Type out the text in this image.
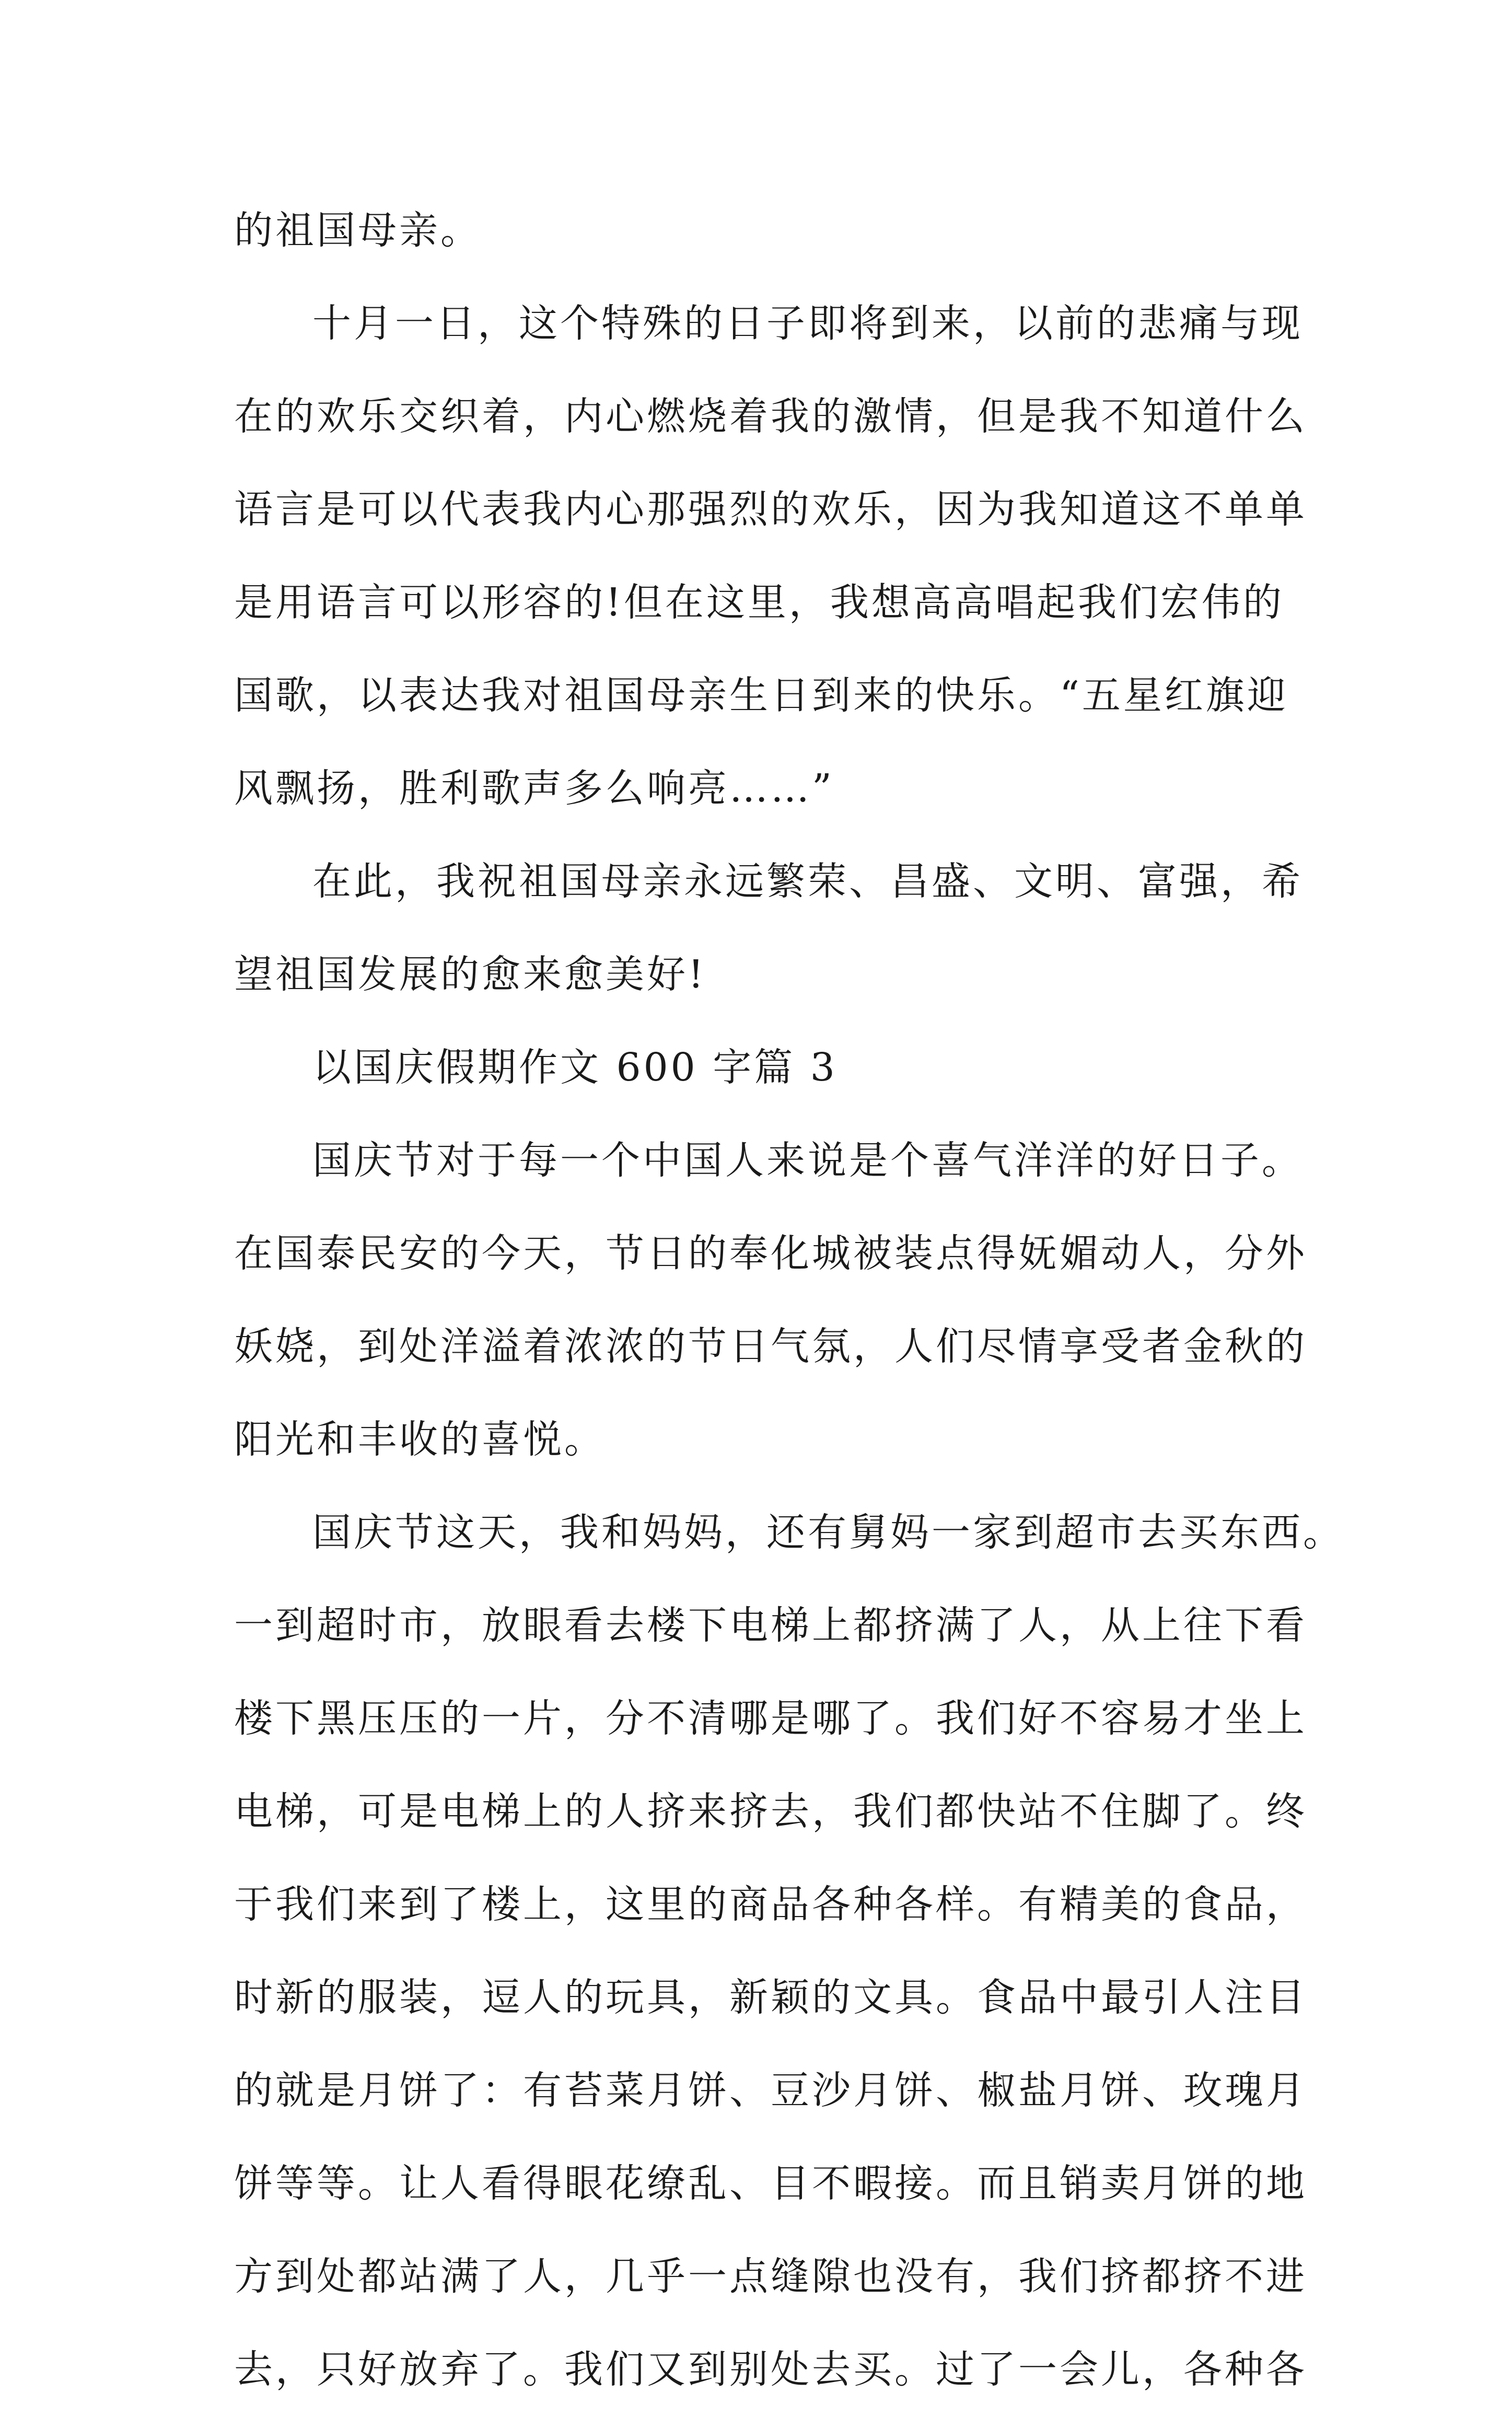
的祖国母亲。

十月一日，这个特殊的日子即将到来，以前的悲痛与现
在的欢乐交织着，内心燃烧着我的激情，但是我不知道什么
语言是可以代表我内心那强烈的欢乐，因为我知道这不单单
是用语言可以形容的!但在这里，我想高高唱起我们宏伟的
国歌，以表达我对祖国母亲生日到来的快乐。“五星红旗迎
风飘扬，胜利歌声多么响亮……”

在此，我祝祖国母亲永远繁荣、昌盛、文明、富强，希
望祖国发展的愈来愈美好!

以国庆假期作文 600 字篇 3

国庆节对于每一个中国人来说是个喜气洋洋的好日子。
在国泰民安的今天，节日的奉化城被装点得妩媚动人，分外
妖娆，到处洋溢着浓浓的节日气氛，人们尽情享受者金秋的
阳光和丰收的喜悦。

国庆节这天，我和妈妈，还有舅妈一家到超市去买东西。
一到超时市，放眼看去楼下电梯上都挤满了人，从上往下看
楼下黑压压的一片，分不清哪是哪了。我们好不容易才坐上
电梯，可是电梯上的人挤来挤去，我们都快站不住脚了。终
于我们来到了楼上，这里的商品各种各样。有精美的食品，
时新的服装，逗人的玩具，新颖的文具。食品中最引人注目
的就是月饼了：有苔菜月饼、豆沙月饼、椒盐月饼、玫瑰月
饼等等。让人看得眼花缭乱、目不暇接。而且销卖月饼的地
方到处都站满了人，几乎一点缝隙也没有，我们挤都挤不进
去，只好放弃了。我们又到别处去买。过了一会儿，各种各
